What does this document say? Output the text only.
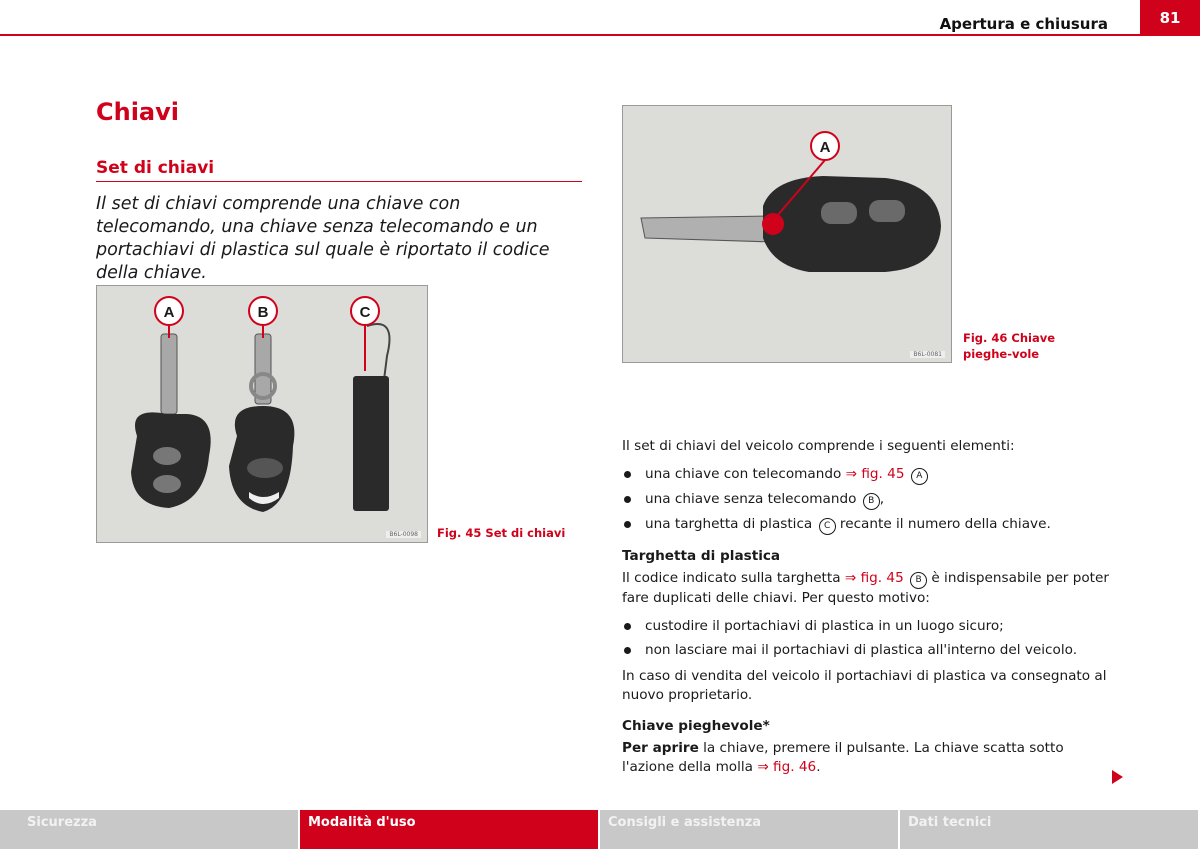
Apertura e chiusura	81
Chiavi
Set di chiavi
Il set di chiavi comprende una chiave con telecomando, una chiave senza telecomando e un portachiavi di plastica sul quale è riportato il codice della chiave.
A	B	C
B6L-0098 Fig. 45 Set di chiavi
A
B6L-0081
Fig. 46 Chiave pieghe-vole

Il set di chiavi del veicolo comprende i seguenti elementi:

una chiave con telecomando ⇒ fig. 45 A
una chiave senza telecomando B ,
una targhetta di plastica C recante il numero della chiave.
Targhetta di plastica

Il codice indicato sulla targhetta ⇒ fig. 45 B è indispensabile per poter fare duplicati delle chiavi. Per questo motivo:

custodire il portachiavi di plastica in un luogo sicuro;
non lasciare mai il portachiavi di plastica all'interno del veicolo.

In caso di vendita del veicolo il portachiavi di plastica va consegnato al nuovo proprietario.

Chiave pieghevole*

Per aprire la chiave, premere il pulsante. La chiave scatta sotto l'azione della molla ⇒ fig. 46.

Sicurezza	Modalità d'uso	Consigli e assistenza	Dati tecnici
